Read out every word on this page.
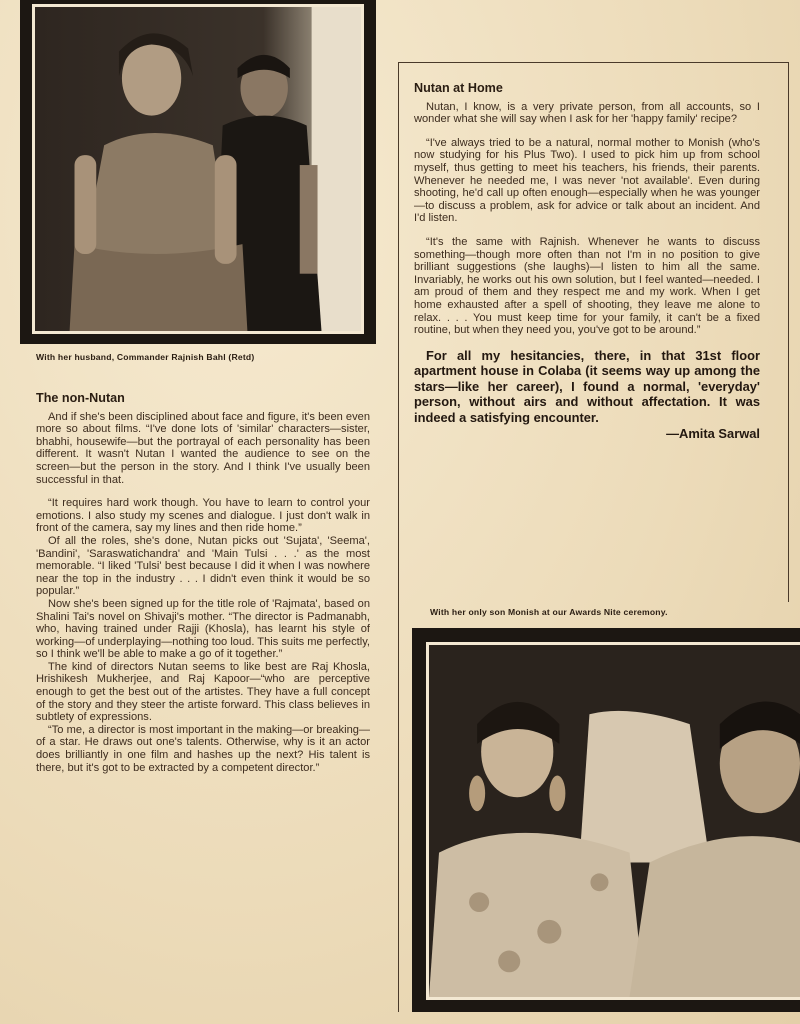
With her husband, Commander Rajnish Bahl (Retd)
The non-Nutan

And if she's been disciplined about face and figure, it's been even more so about films. “I've done lots of 'similar' characters—sister, bhabhi, housewife—but the portrayal of each personality has been different. It wasn't Nutan I wanted the audience to see on the screen—but the person in the story. And I think I've usually been successful in that.

“It requires hard work though. You have to learn to control your emotions. I also study my scenes and dialogue. I just don't walk in front of the camera, say my lines and then ride home.”

Of all the roles, she's done, Nutan picks out 'Sujata', 'Seema', 'Bandini', 'Saraswatichandra' and 'Main Tulsi . . .' as the most memorable. “I liked 'Tulsi' best because I did it when I was nowhere near the top in the industry . . . I didn't even think it would be so popular.”

Now she's been signed up for the title role of 'Rajmata', based on Shalini Tai's novel on Shivaji's mother. “The director is Padmanabh, who, having trained under Rajji (Khosla), has learnt his style of working—of underplaying—nothing too loud. This suits me perfectly, so I think we'll be able to make a go of it together.”

The kind of directors Nutan seems to like best are Raj Khosla, Hrishikesh Mukherjee, and Raj Kapoor—“who are perceptive enough to get the best out of the artistes. They have a full concept of the story and they steer the artiste forward. This class believes in subtlety of expressions.

“To me, a director is most important in the making—or breaking—of a star. He draws out one's talents. Otherwise, why is it an actor does brilliantly in one film and hashes up the next? His talent is there, but it's got to be extracted by a competent director.”

Nutan at Home

Nutan, I know, is a very private person, from all accounts, so I wonder what she will say when I ask for her 'happy family' recipe?

“I've always tried to be a natural, normal mother to Monish (who's now studying for his Plus Two). I used to pick him up from school myself, thus getting to meet his teachers, his friends, their parents. Whenever he needed me, I was never 'not available'. Even during shooting, he'd call up often enough—especially when he was younger—to discuss a problem, ask for advice or talk about an incident. And I'd listen.

“It's the same with Rajnish. Whenever he wants to discuss something—though more often than not I'm in no position to give brilliant suggestions (she laughs)—I listen to him all the same. Invariably, he works out his own solution, but I feel wanted—needed. I am proud of them and they respect me and my work. When I get home exhausted after a spell of shooting, they leave me alone to relax. . . . You must keep time for your family, it can't be a fixed routine, but when they need you, you've got to be around.”

For all my hesitancies, there, in that 31st floor apartment house in Colaba (it seems way up among the stars—like her career), I found a normal, 'everyday' person, without airs and without affectation. It was indeed a satisfying encounter.

—Amita Sarwal
With her only son Monish at our Awards Nite ceremony.
